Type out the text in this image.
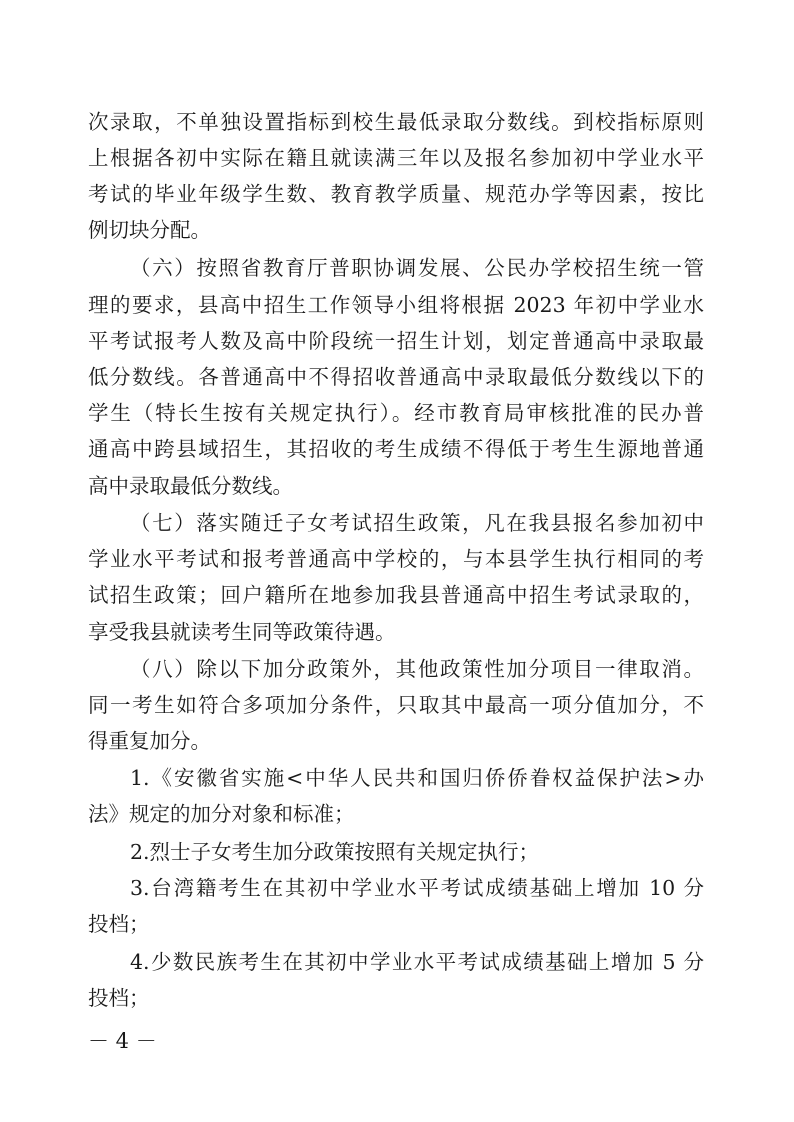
次录取，不单独设置指标到校生最低录取分数线。到校指标原则
上根据各初中实际在籍且就读满三年以及报名参加初中学业水平
考试的毕业年级学生数、教育教学质量、规范办学等因素，按比
例切块分配。
（六）按照省教育厅普职协调发展、公民办学校招生统一管
理的要求，县高中招生工作领导小组将根据 2023 年初中学业水
平考试报考人数及高中阶段统一招生计划，划定普通高中录取最
低分数线。各普通高中不得招收普通高中录取最低分数线以下的
学生（特长生按有关规定执行）。经市教育局审核批准的民办普
通高中跨县域招生，其招收的考生成绩不得低于考生生源地普通
高中录取最低分数线。
（七）落实随迁子女考试招生政策，凡在我县报名参加初中
学业水平考试和报考普通高中学校的，与本县学生执行相同的考
试招生政策；回户籍所在地参加我县普通高中招生考试录取的，
享受我县就读考生同等政策待遇。
（八）除以下加分政策外，其他政策性加分项目一律取消。
同一考生如符合多项加分条件，只取其中最高一项分值加分，不
得重复加分。
1.《安徽省实施<中华人民共和国归侨侨眷权益保护法>办
法》规定的加分对象和标准；
2.烈士子女考生加分政策按照有关规定执行；
3.台湾籍考生在其初中学业水平考试成绩基础上增加 10 分
投档；
4.少数民族考生在其初中学业水平考试成绩基础上增加 5 分
投档；
－ 4 －
